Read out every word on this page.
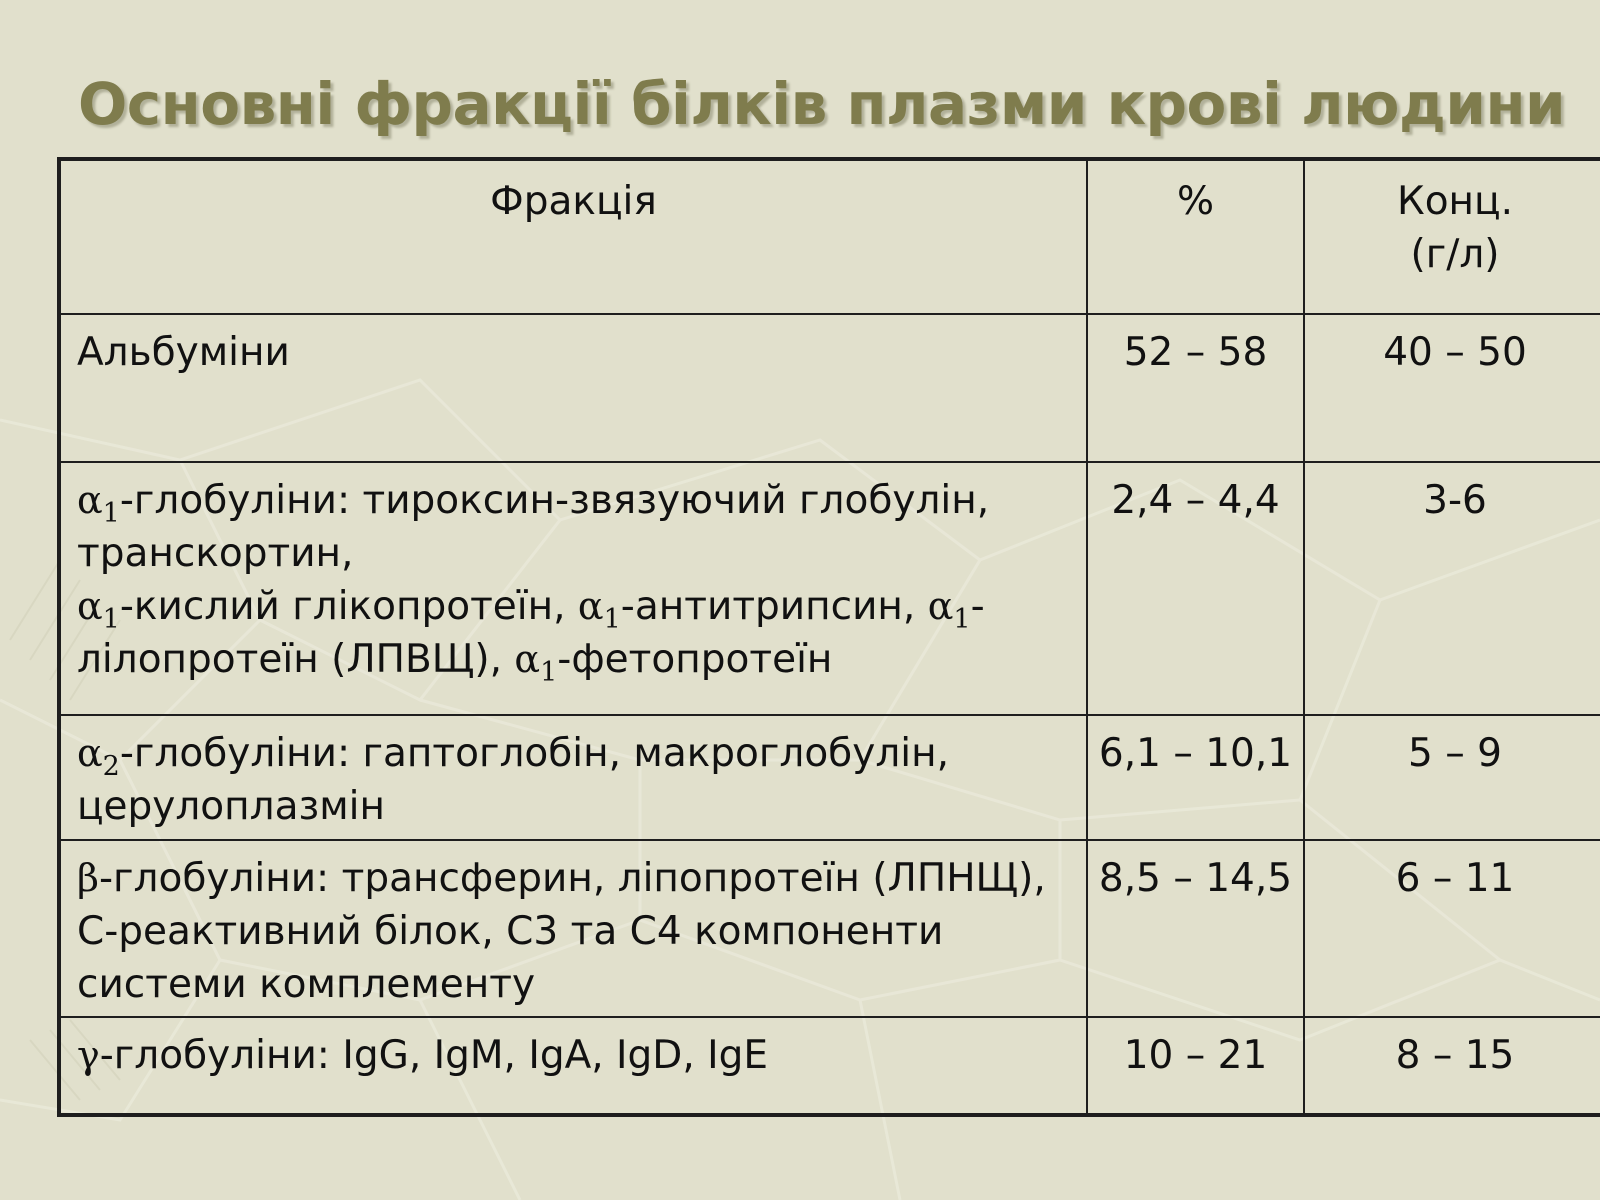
Основні фракції білків плазми крові людини
Фракція	%	Конц.
(г/л)

Альбуміни	52 – 58	40 – 50
$\alpha_1$-глобуліни: тироксин-звязуючий глобулін, транскортин,
$\alpha_1$-кислий глікопротеїн, $\alpha_1$-антитрипсин, $\alpha_1$-лілопротеїн (ЛПВЩ), $\alpha_1$-фетопротеїн	2,4 – 4,4	3-6
$\alpha_2$-глобуліни: гаптоглобін, макроглобулін, церулоплазмін	6,1 – 10,1	5 – 9
β-глобуліни: трансферин, ліпопротеїн (ЛПНЩ), С-реактивний білок, С3 та С4 компоненти системи комплементу	8,5 – 14,5	6 – 11
γ-глобуліни: IgG, IgM, IgA, IgD, IgE	10 – 21	8 – 15
